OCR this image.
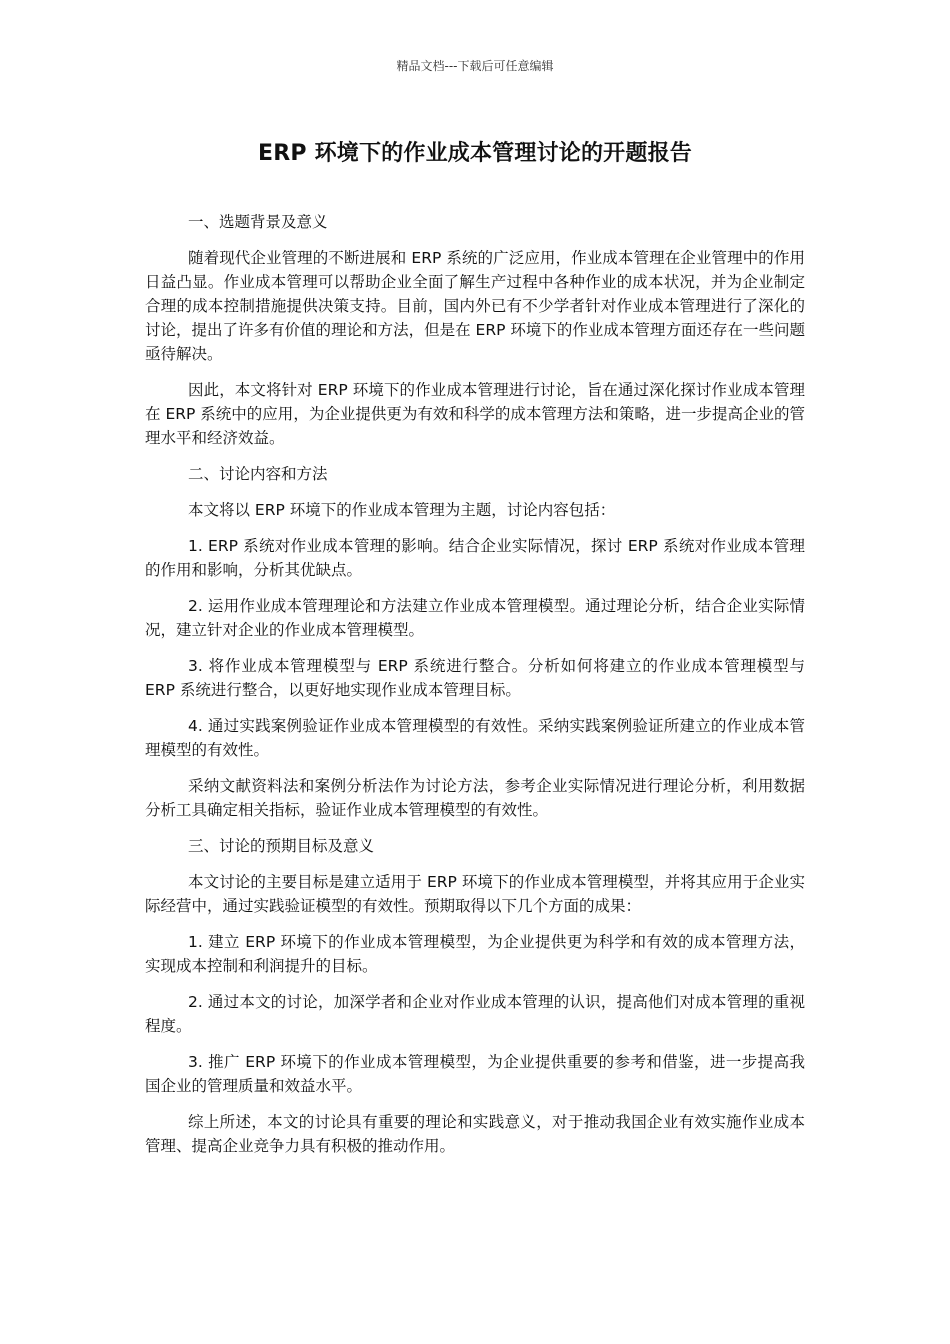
精品文档---下载后可任意编辑
ERP 环境下的作业成本管理讨论的开题报告

一、选题背景及意义

随着现代企业管理的不断进展和 ERP 系统的广泛应用，作业成本管理在企业管理中的作用日益凸显。作业成本管理可以帮助企业全面了解生产过程中各种作业的成本状况，并为企业制定合理的成本控制措施提供决策支持。目前，国内外已有不少学者针对作业成本管理进行了深化的讨论，提出了许多有价值的理论和方法，但是在 ERP 环境下的作业成本管理方面还存在一些问题亟待解决。

因此，本文将针对 ERP 环境下的作业成本管理进行讨论，旨在通过深化探讨作业成本管理在 ERP 系统中的应用，为企业提供更为有效和科学的成本管理方法和策略，进一步提高企业的管理水平和经济效益。

二、讨论内容和方法

本文将以 ERP 环境下的作业成本管理为主题，讨论内容包括：

1. ERP 系统对作业成本管理的影响。结合企业实际情况，探讨 ERP 系统对作业成本管理的作用和影响，分析其优缺点。

2. 运用作业成本管理理论和方法建立作业成本管理模型。通过理论分析，结合企业实际情况，建立针对企业的作业成本管理模型。

3. 将作业成本管理模型与 ERP 系统进行整合。分析如何将建立的作业成本管理模型与 ERP 系统进行整合，以更好地实现作业成本管理目标。

4. 通过实践案例验证作业成本管理模型的有效性。采纳实践案例验证所建立的作业成本管理模型的有效性。

采纳文献资料法和案例分析法作为讨论方法，参考企业实际情况进行理论分析，利用数据分析工具确定相关指标，验证作业成本管理模型的有效性。

三、讨论的预期目标及意义

本文讨论的主要目标是建立适用于 ERP 环境下的作业成本管理模型，并将其应用于企业实际经营中，通过实践验证模型的有效性。预期取得以下几个方面的成果：

1. 建立 ERP 环境下的作业成本管理模型，为企业提供更为科学和有效的成本管理方法，实现成本控制和利润提升的目标。

2. 通过本文的讨论，加深学者和企业对作业成本管理的认识，提高他们对成本管理的重视程度。

3. 推广 ERP 环境下的作业成本管理模型，为企业提供重要的参考和借鉴，进一步提高我国企业的管理质量和效益水平。

综上所述，本文的讨论具有重要的理论和实践意义，对于推动我国企业有效实施作业成本管理、提高企业竞争力具有积极的推动作用。
